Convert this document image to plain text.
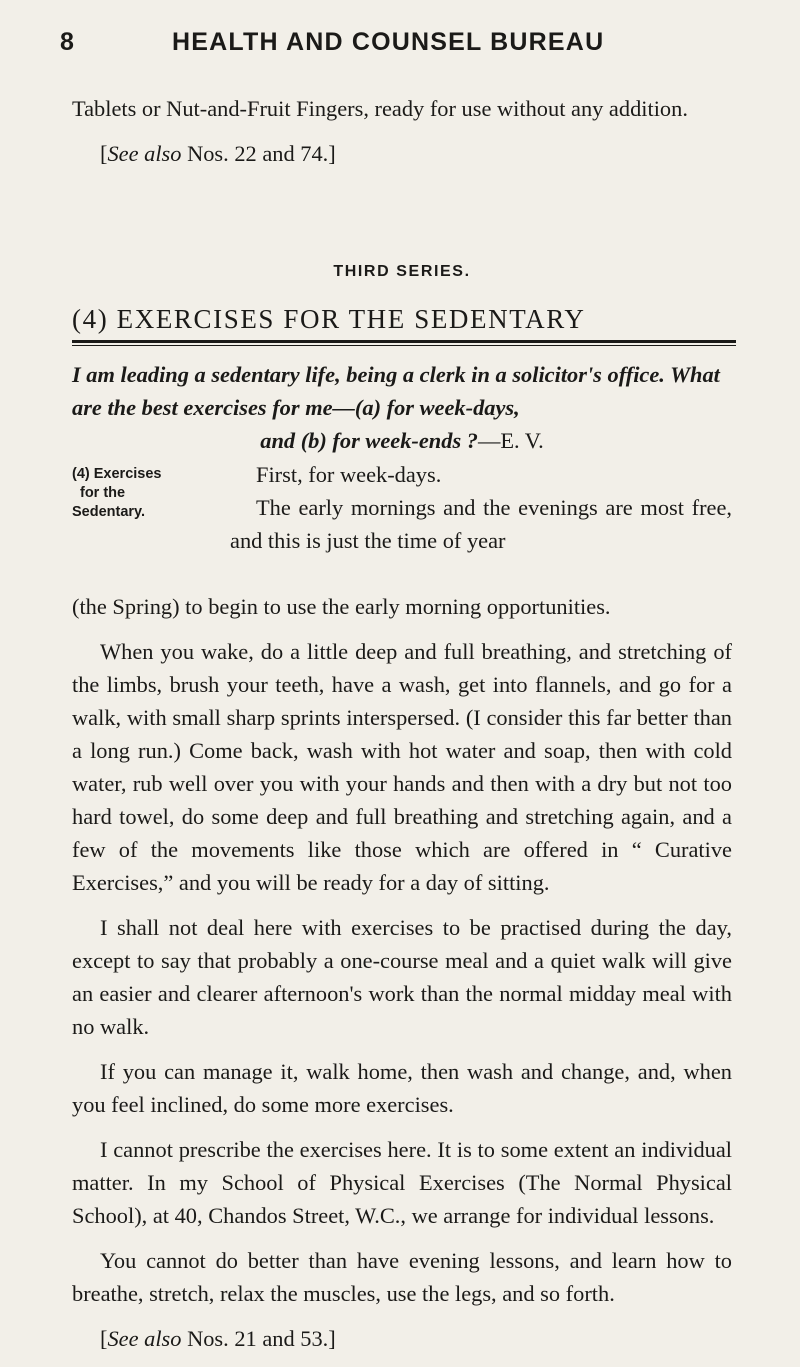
8	HEALTH AND COUNSEL BUREAU

Tablets or Nut-and-Fruit Fingers, ready for use without any addition.

[See also Nos. 22 and 74.]

THIRD SERIES.
(4) EXERCISES FOR THE SEDENTARY
I am leading a sedentary life, being a clerk in a solicitor's office. What are the best exercises for me—(a) for week-days,
and (b) for week-ends ?—E. V.
(4) Exercises
for the
Sedentary.
First, for week-days.
The early mornings and the evenings are most free, and this is just the time of year

(the Spring) to begin to use the early morning opportunities.

When you wake, do a little deep and full breathing, and stretching of the limbs, brush your teeth, have a wash, get into flannels, and go for a walk, with small sharp sprints interspersed. (I consider this far better than a long run.) Come back, wash with hot water and soap, then with cold water, rub well over you with your hands and then with a dry but not too hard towel, do some deep and full breathing and stretching again, and a few of the movements like those which are offered in “ Curative Exercises,” and you will be ready for a day of sitting.

I shall not deal here with exercises to be practised during the day, except to say that probably a one-course meal and a quiet walk will give an easier and clearer afternoon's work than the normal midday meal with no walk.

If you can manage it, walk home, then wash and change, and, when you feel inclined, do some more exercises.

I cannot prescribe the exercises here. It is to some extent an individual matter. In my School of Physical Exercises (The Normal Physical School), at 40, Chandos Street, W.C., we arrange for individual lessons.

You cannot do better than have evening lessons, and learn how to breathe, stretch, relax the muscles, use the legs, and so forth.

[See also Nos. 21 and 53.]
